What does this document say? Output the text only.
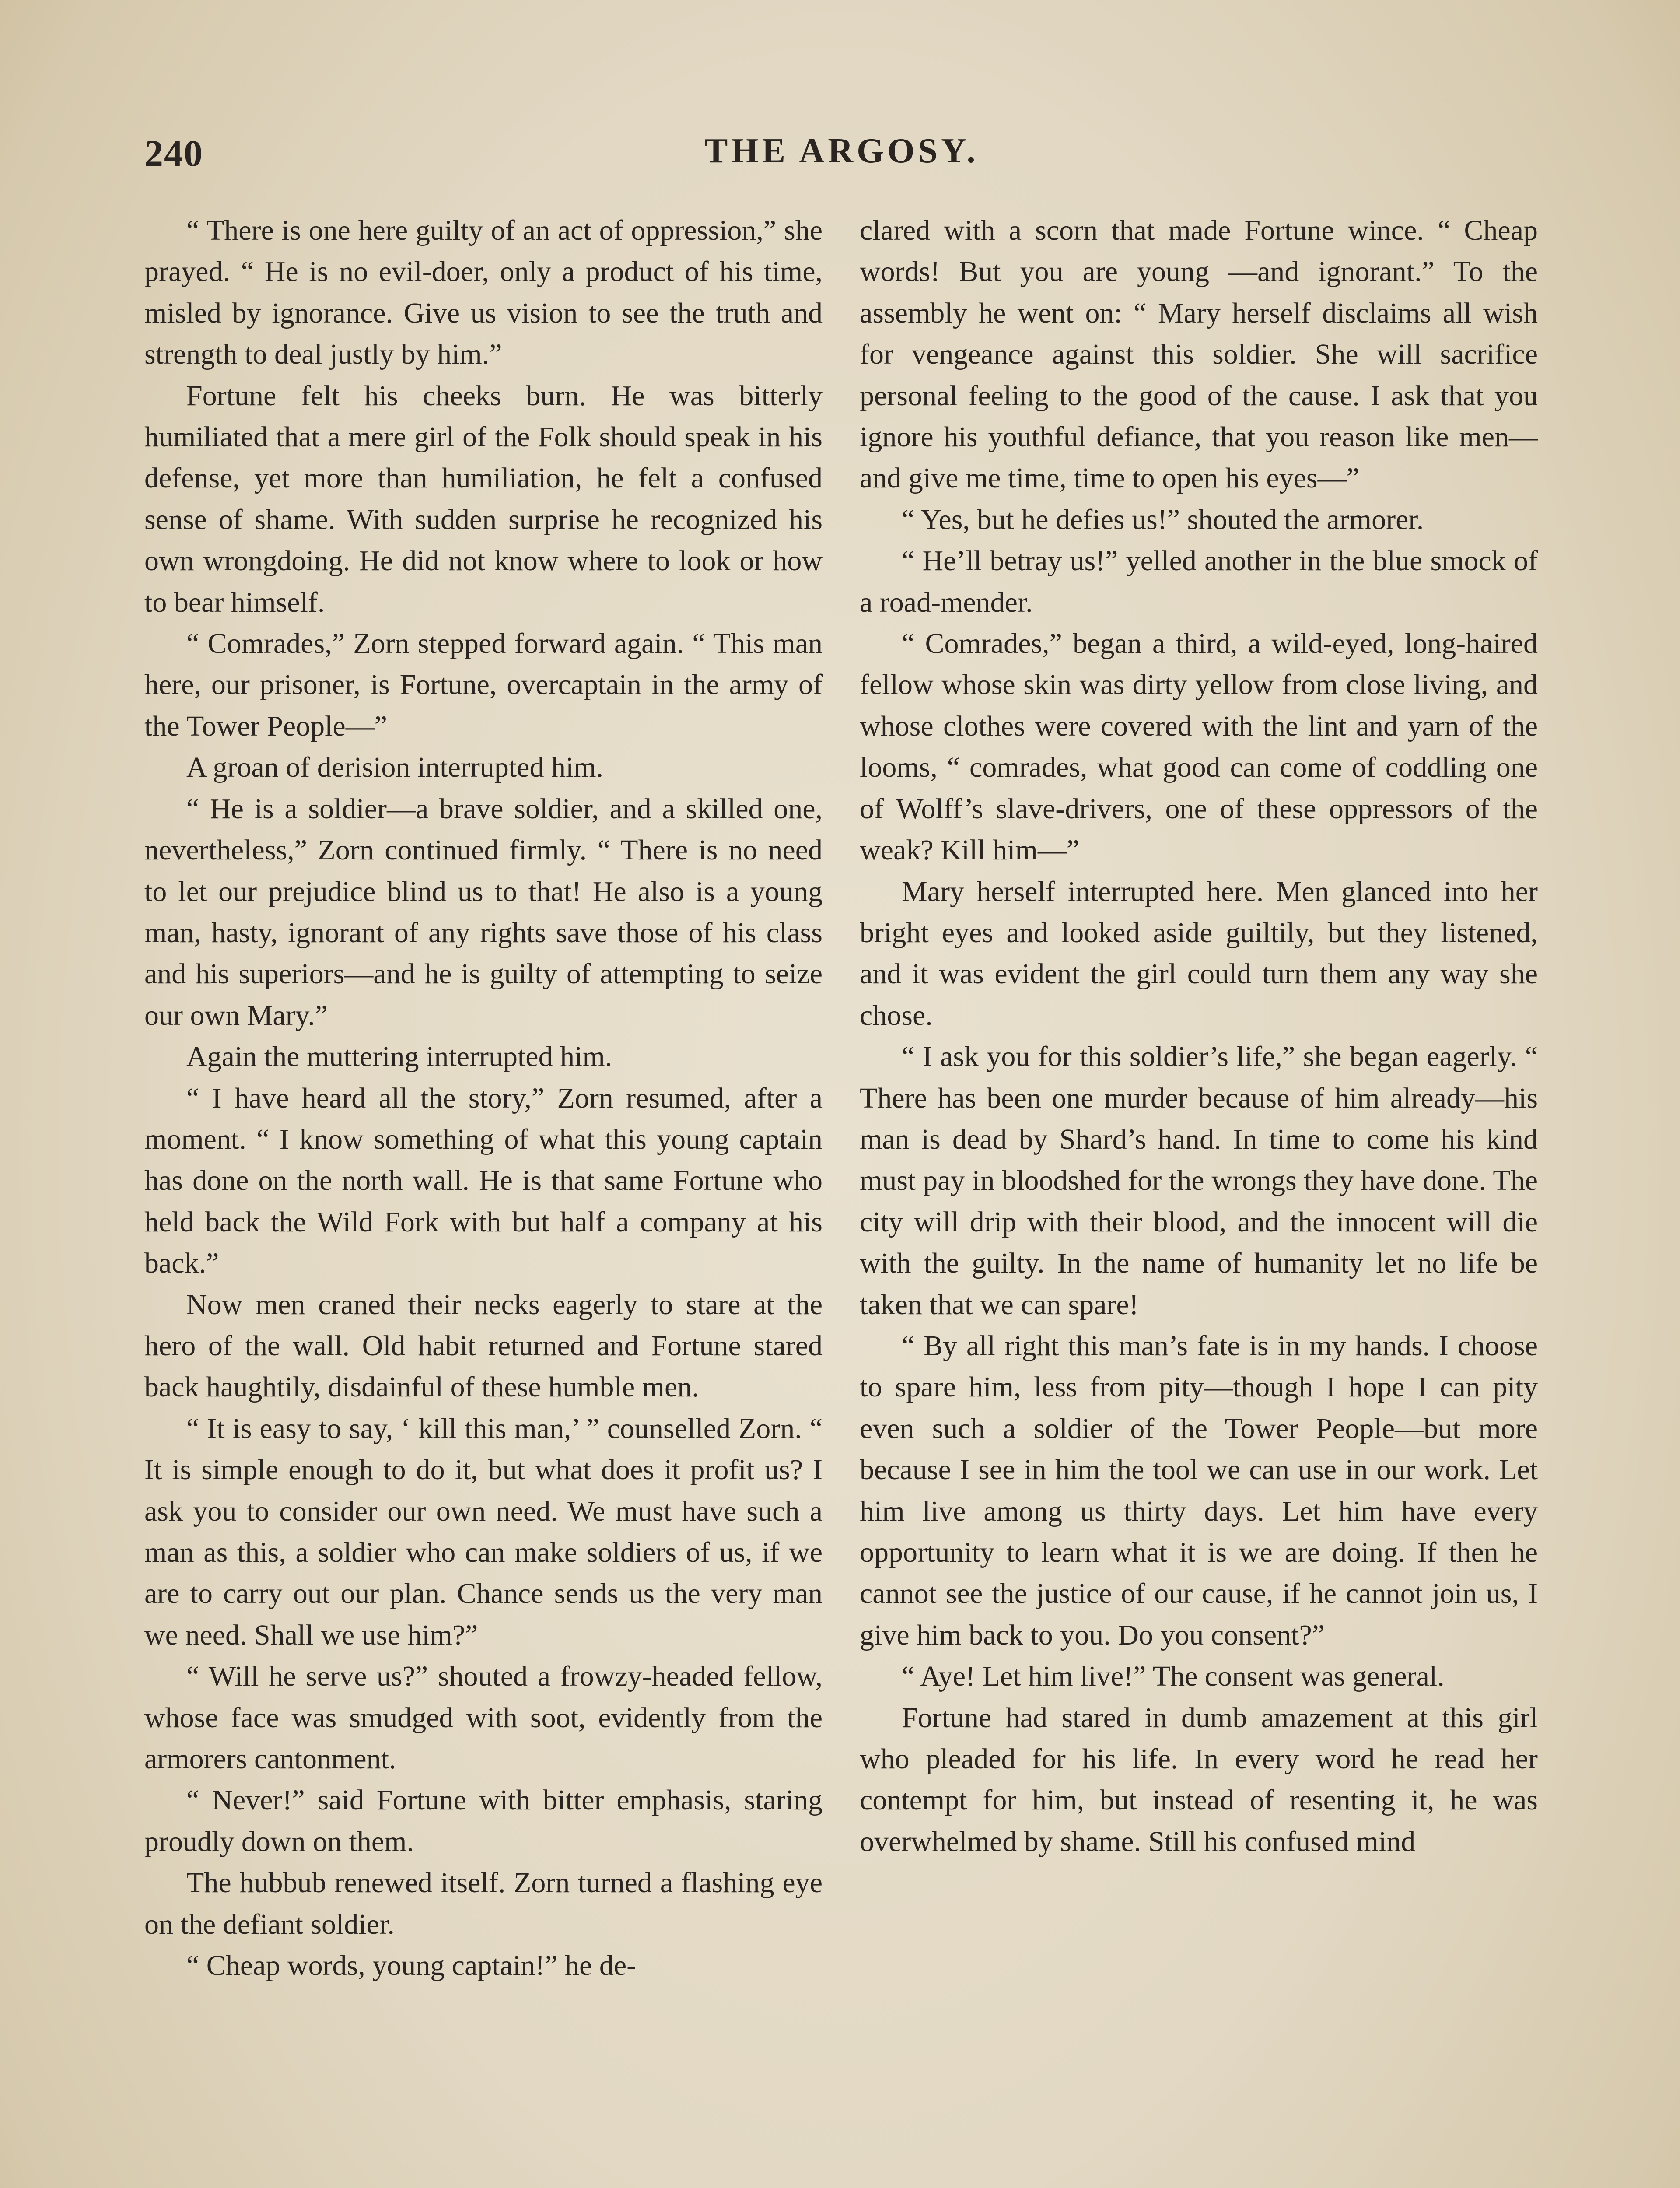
240	THE ARGOSY.

“ There is one here guilty of an act of oppression,” she prayed. “ He is no evil-doer, only a product of his time, misled by ignorance. Give us vision to see the truth and strength to deal justly by him.”

Fortune felt his cheeks burn. He was bitterly humiliated that a mere girl of the Folk should speak in his defense, yet more than humiliation, he felt a confused sense of shame. With sudden surprise he recognized his own wrongdoing. He did not know where to look or how to bear himself.

“ Comrades,” Zorn stepped forward again. “ This man here, our prisoner, is Fortune, overcaptain in the army of the Tower People—”

A groan of derision interrupted him.

“ He is a soldier—a brave soldier, and a skilled one, nevertheless,” Zorn continued firmly. “ There is no need to let our prejudice blind us to that! He also is a young man, hasty, ignorant of any rights save those of his class and his superiors—and he is guilty of attempting to seize our own Mary.”

Again the muttering interrupted him.

“ I have heard all the story,” Zorn resumed, after a moment. “ I know something of what this young captain has done on the north wall. He is that same Fortune who held back the Wild Fork with but half a company at his back.”

Now men craned their necks eagerly to stare at the hero of the wall. Old habit returned and Fortune stared back haughtily, disdainful of these humble men.

“ It is easy to say, ‘ kill this man,’ ” counselled Zorn. “ It is simple enough to do it, but what does it profit us? I ask you to consider our own need. We must have such a man as this, a soldier who can make soldiers of us, if we are to carry out our plan. Chance sends us the very man we need. Shall we use him?”

“ Will he serve us?” shouted a frowzy-headed fellow, whose face was smudged with soot, evidently from the armorers cantonment.

“ Never!” said Fortune with bitter emphasis, staring proudly down on them.

The hubbub renewed itself. Zorn turned a flashing eye on the defiant soldier.

“ Cheap words, young captain!” he de-

clared with a scorn that made Fortune wince. “ Cheap words! But you are young —and ignorant.” To the assembly he went on: “ Mary herself disclaims all wish for vengeance against this soldier. She will sacrifice personal feeling to the good of the cause. I ask that you ignore his youthful defiance, that you reason like men—and give me time, time to open his eyes—”

“ Yes, but he defies us!” shouted the armorer.

“ He’ll betray us!” yelled another in the blue smock of a road-mender.

“ Comrades,” began a third, a wild-eyed, long-haired fellow whose skin was dirty yellow from close living, and whose clothes were covered with the lint and yarn of the looms, “ comrades, what good can come of coddling one of Wolff’s slave-drivers, one of these oppressors of the weak? Kill him—”

Mary herself interrupted here. Men glanced into her bright eyes and looked aside guiltily, but they listened, and it was evident the girl could turn them any way she chose.

“ I ask you for this soldier’s life,” she began eagerly. “ There has been one murder because of him already—his man is dead by Shard’s hand. In time to come his kind must pay in bloodshed for the wrongs they have done. The city will drip with their blood, and the innocent will die with the guilty. In the name of humanity let no life be taken that we can spare!

“ By all right this man’s fate is in my hands. I choose to spare him, less from pity—though I hope I can pity even such a soldier of the Tower People—but more because I see in him the tool we can use in our work. Let him live among us thirty days. Let him have every opportunity to learn what it is we are doing. If then he cannot see the justice of our cause, if he cannot join us, I give him back to you. Do you consent?”

“ Aye! Let him live!” The consent was general.

Fortune had stared in dumb amazement at this girl who pleaded for his life. In every word he read her contempt for him, but instead of resenting it, he was overwhelmed by shame. Still his confused mind
